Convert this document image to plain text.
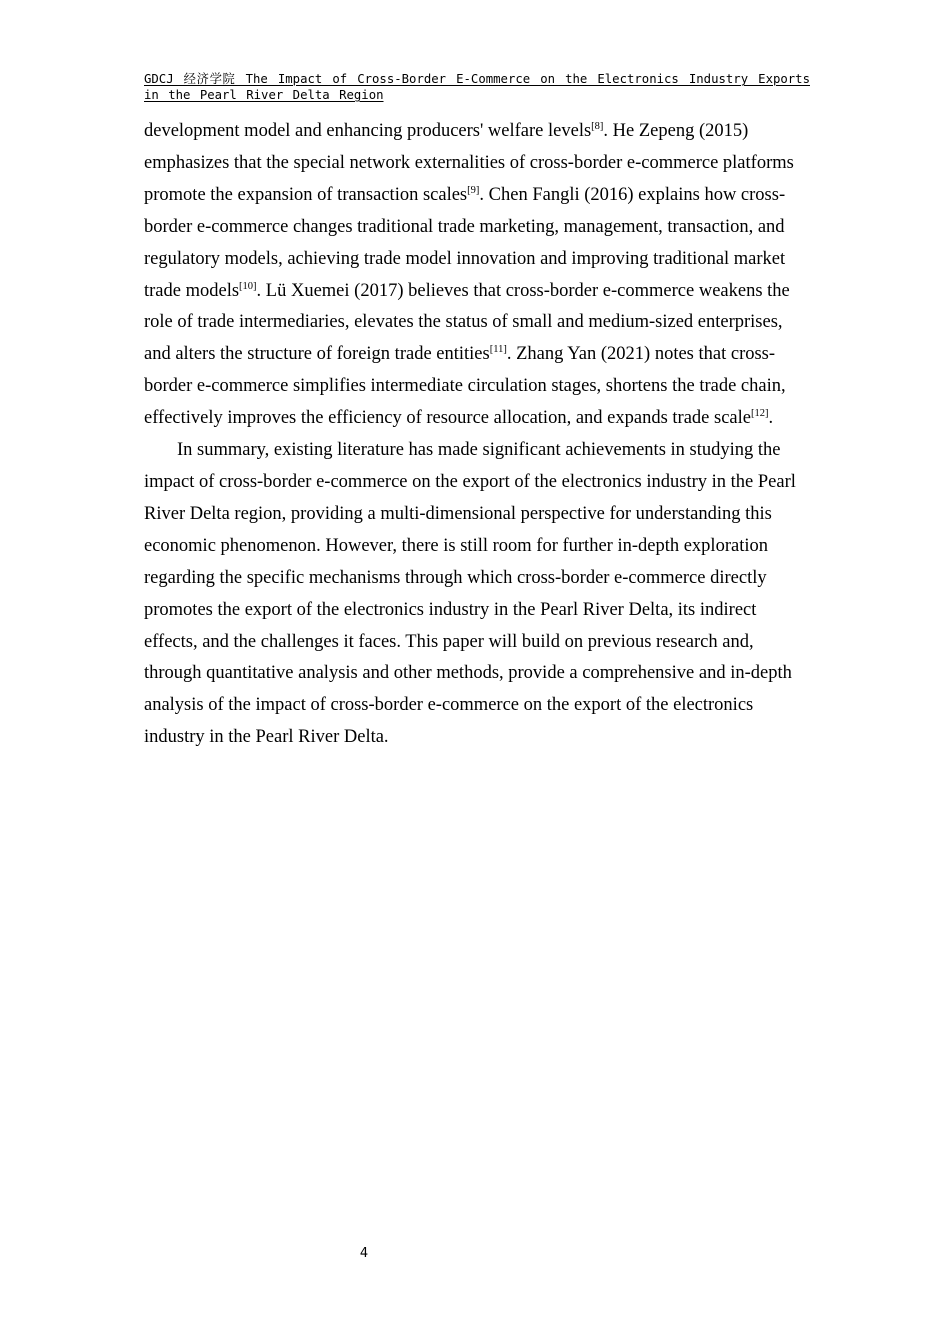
GDCJ 经济学院 The Impact of Cross-Border E-Commerce on the Electronics Industry Exports in the Pearl River Delta Region

development model and enhancing producers' welfare levels[8]. He Zepeng (2015) emphasizes that the special network externalities of cross-border e-commerce platforms promote the expansion of transaction scales[9]. Chen Fangli (2016) explains how cross-border e-commerce changes traditional trade marketing, management, transaction, and regulatory models, achieving trade model innovation and improving traditional market trade models[10]. Lü Xuemei (2017) believes that cross-border e-commerce weakens the role of trade intermediaries, elevates the status of small and medium-sized enterprises, and alters the structure of foreign trade entities[11]. Zhang Yan (2021) notes that cross-border e-commerce simplifies intermediate circulation stages, shortens the trade chain, effectively improves the efficiency of resource allocation, and expands trade scale[12].

In summary, existing literature has made significant achievements in studying the impact of cross-border e-commerce on the export of the electronics industry in the Pearl River Delta region, providing a multi-dimensional perspective for understanding this economic phenomenon. However, there is still room for further in-depth exploration regarding the specific mechanisms through which cross-border e-commerce directly promotes the export of the electronics industry in the Pearl River Delta, its indirect effects, and the challenges it faces. This paper will build on previous research and, through quantitative analysis and other methods, provide a comprehensive and in-depth analysis of the impact of cross-border e-commerce on the export of the electronics industry in the Pearl River Delta.

4
